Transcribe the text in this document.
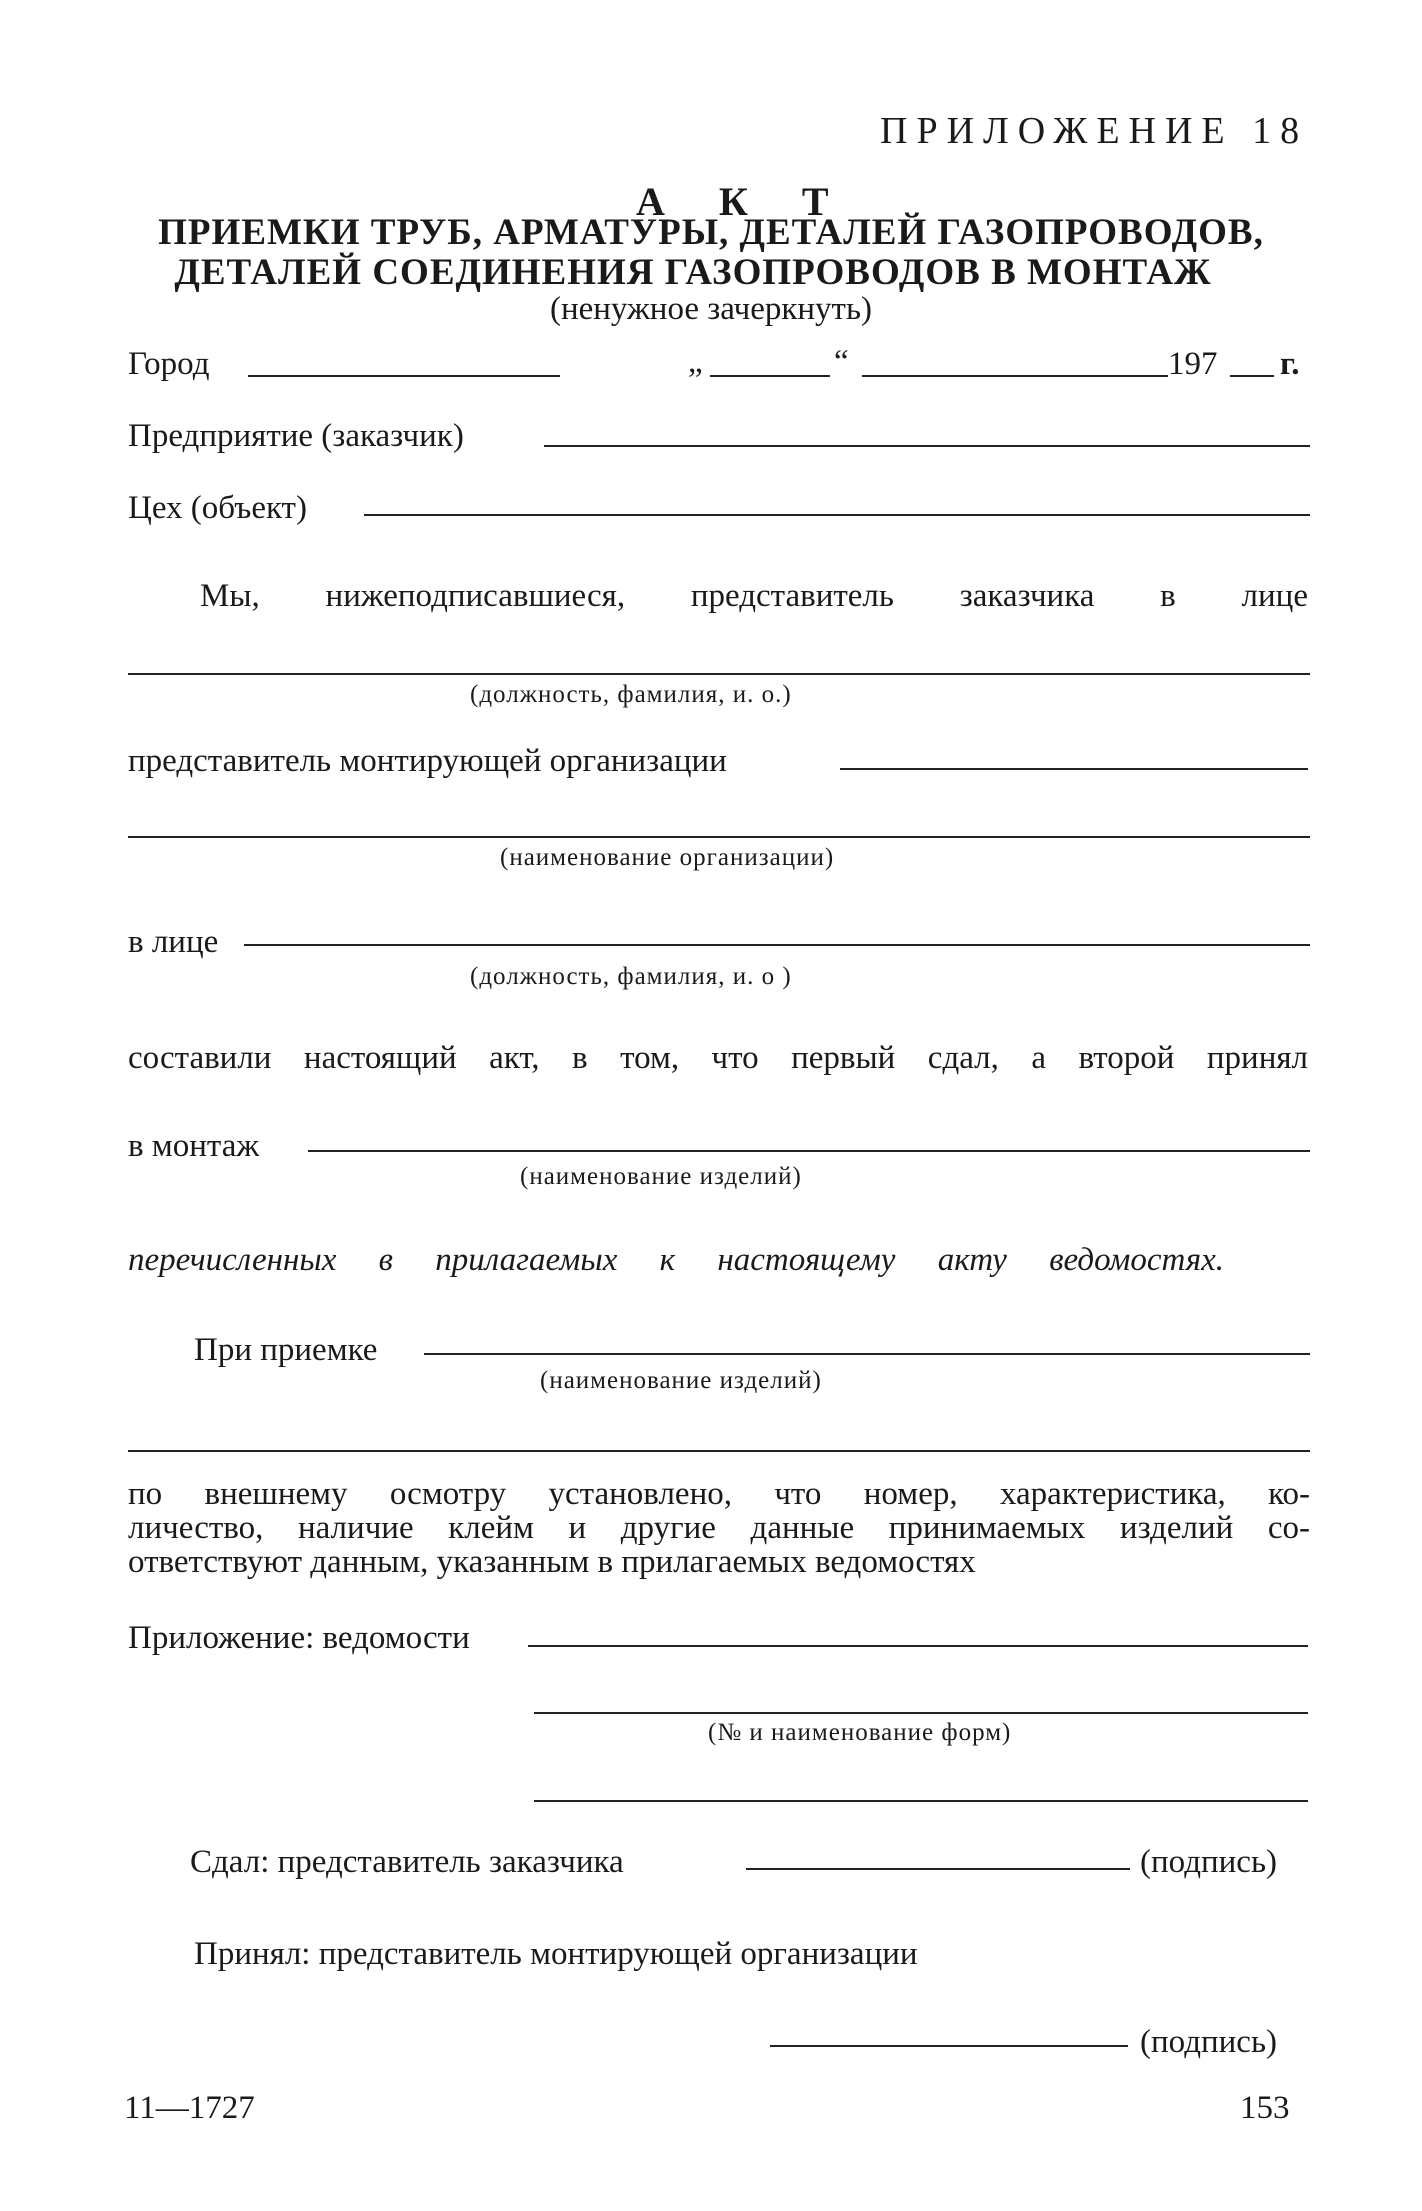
ПРИЛОЖЕНИЕ 18
А К Т
ПРИЕМКИ ТРУБ, АРМАТУРЫ, ДЕТАЛЕЙ ГАЗОПРОВОДОВ,
ДЕТАЛЕЙ СОЕДИНЕНИЯ ГАЗОПРОВОДОВ В МОНТАЖ
(ненужное зачеркнуть)
Город	„	“	197 г.
Предприятие (заказчик)
Цех (объект)
Мы, нижеподписавшиеся, представитель заказчика в лице
(должность, фамилия, и. о.)
представитель монтирующей организации
(наименование организации)
в лице
(должность, фамилия, и. о )
составили настоящий акт, в том, что первый сдал, а второй принял
в монтаж
(наименование изделий)
перечисленных в прилагаемых к настоящему акту ведомостях.
При приемке
(наименование изделий)
по внешнему осмотру установлено, что номер, характеристика, ко-
личество, наличие клейм и другие данные принимаемых изделий со-
ответствуют данным, указанным в прилагаемых ведомостях
Приложение: ведомости
(№ и наименование форм)
Сдал: представитель заказчика	(подпись)
Принял: представитель монтирующей организации
(подпись)
11—1727	153
